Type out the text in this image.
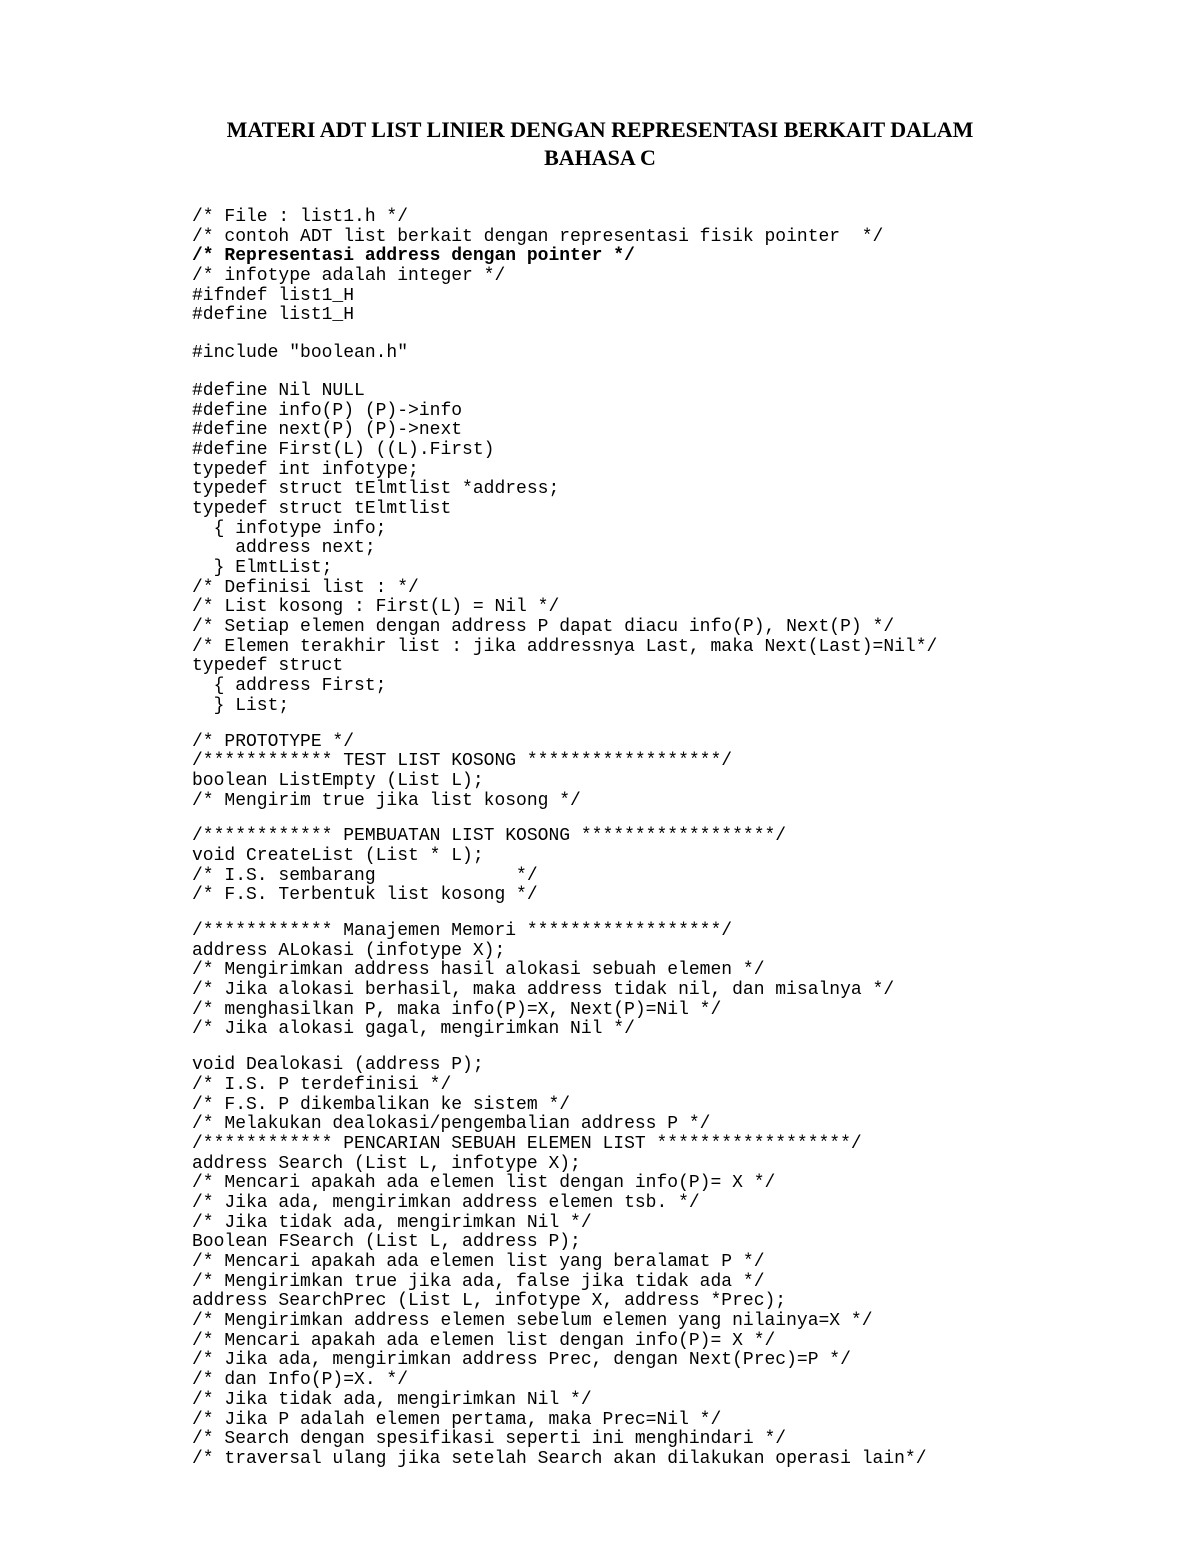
MATERI ADT LIST LINIER DENGAN REPRESENTASI BERKAIT DALAM
BAHASA C
/* File : list1.h */
/* contoh ADT list berkait dengan representasi fisik pointer  */
/* Representasi address dengan pointer */
/* infotype adalah integer */
#ifndef list1_H
#define list1_H
#include "boolean.h"
#define Nil NULL
#define info(P) (P)->info
#define next(P) (P)->next
#define First(L) ((L).First)
typedef int infotype;
typedef struct tElmtlist *address;
typedef struct tElmtlist
{ infotype info;
address next;
} ElmtList;
/* Definisi list : */
/* List kosong : First(L) = Nil */
/* Setiap elemen dengan address P dapat diacu info(P), Next(P) */
/* Elemen terakhir list : jika addressnya Last, maka Next(Last)=Nil*/
typedef struct
{ address First;
} List;
/* PROTOTYPE */
/************ TEST LIST KOSONG ******************/
boolean ListEmpty (List L);
/* Mengirim true jika list kosong */
/************ PEMBUATAN LIST KOSONG ******************/
void CreateList (List * L);
/* I.S. sembarang             */
/* F.S. Terbentuk list kosong */
/************ Manajemen Memori ******************/
address ALokasi (infotype X);
/* Mengirimkan address hasil alokasi sebuah elemen */
/* Jika alokasi berhasil, maka address tidak nil, dan misalnya */
/* menghasilkan P, maka info(P)=X, Next(P)=Nil */
/* Jika alokasi gagal, mengirimkan Nil */
void Dealokasi (address P);
/* I.S. P terdefinisi */
/* F.S. P dikembalikan ke sistem */
/* Melakukan dealokasi/pengembalian address P */
/************ PENCARIAN SEBUAH ELEMEN LIST ******************/
address Search (List L, infotype X);
/* Mencari apakah ada elemen list dengan info(P)= X */
/* Jika ada, mengirimkan address elemen tsb. */
/* Jika tidak ada, mengirimkan Nil */
Boolean FSearch (List L, address P);
/* Mencari apakah ada elemen list yang beralamat P */
/* Mengirimkan true jika ada, false jika tidak ada */
address SearchPrec (List L, infotype X, address *Prec);
/* Mengirimkan address elemen sebelum elemen yang nilainya=X */
/* Mencari apakah ada elemen list dengan info(P)= X */
/* Jika ada, mengirimkan address Prec, dengan Next(Prec)=P */
/* dan Info(P)=X. */
/* Jika tidak ada, mengirimkan Nil */
/* Jika P adalah elemen pertama, maka Prec=Nil */
/* Search dengan spesifikasi seperti ini menghindari */
/* traversal ulang jika setelah Search akan dilakukan operasi lain*/
